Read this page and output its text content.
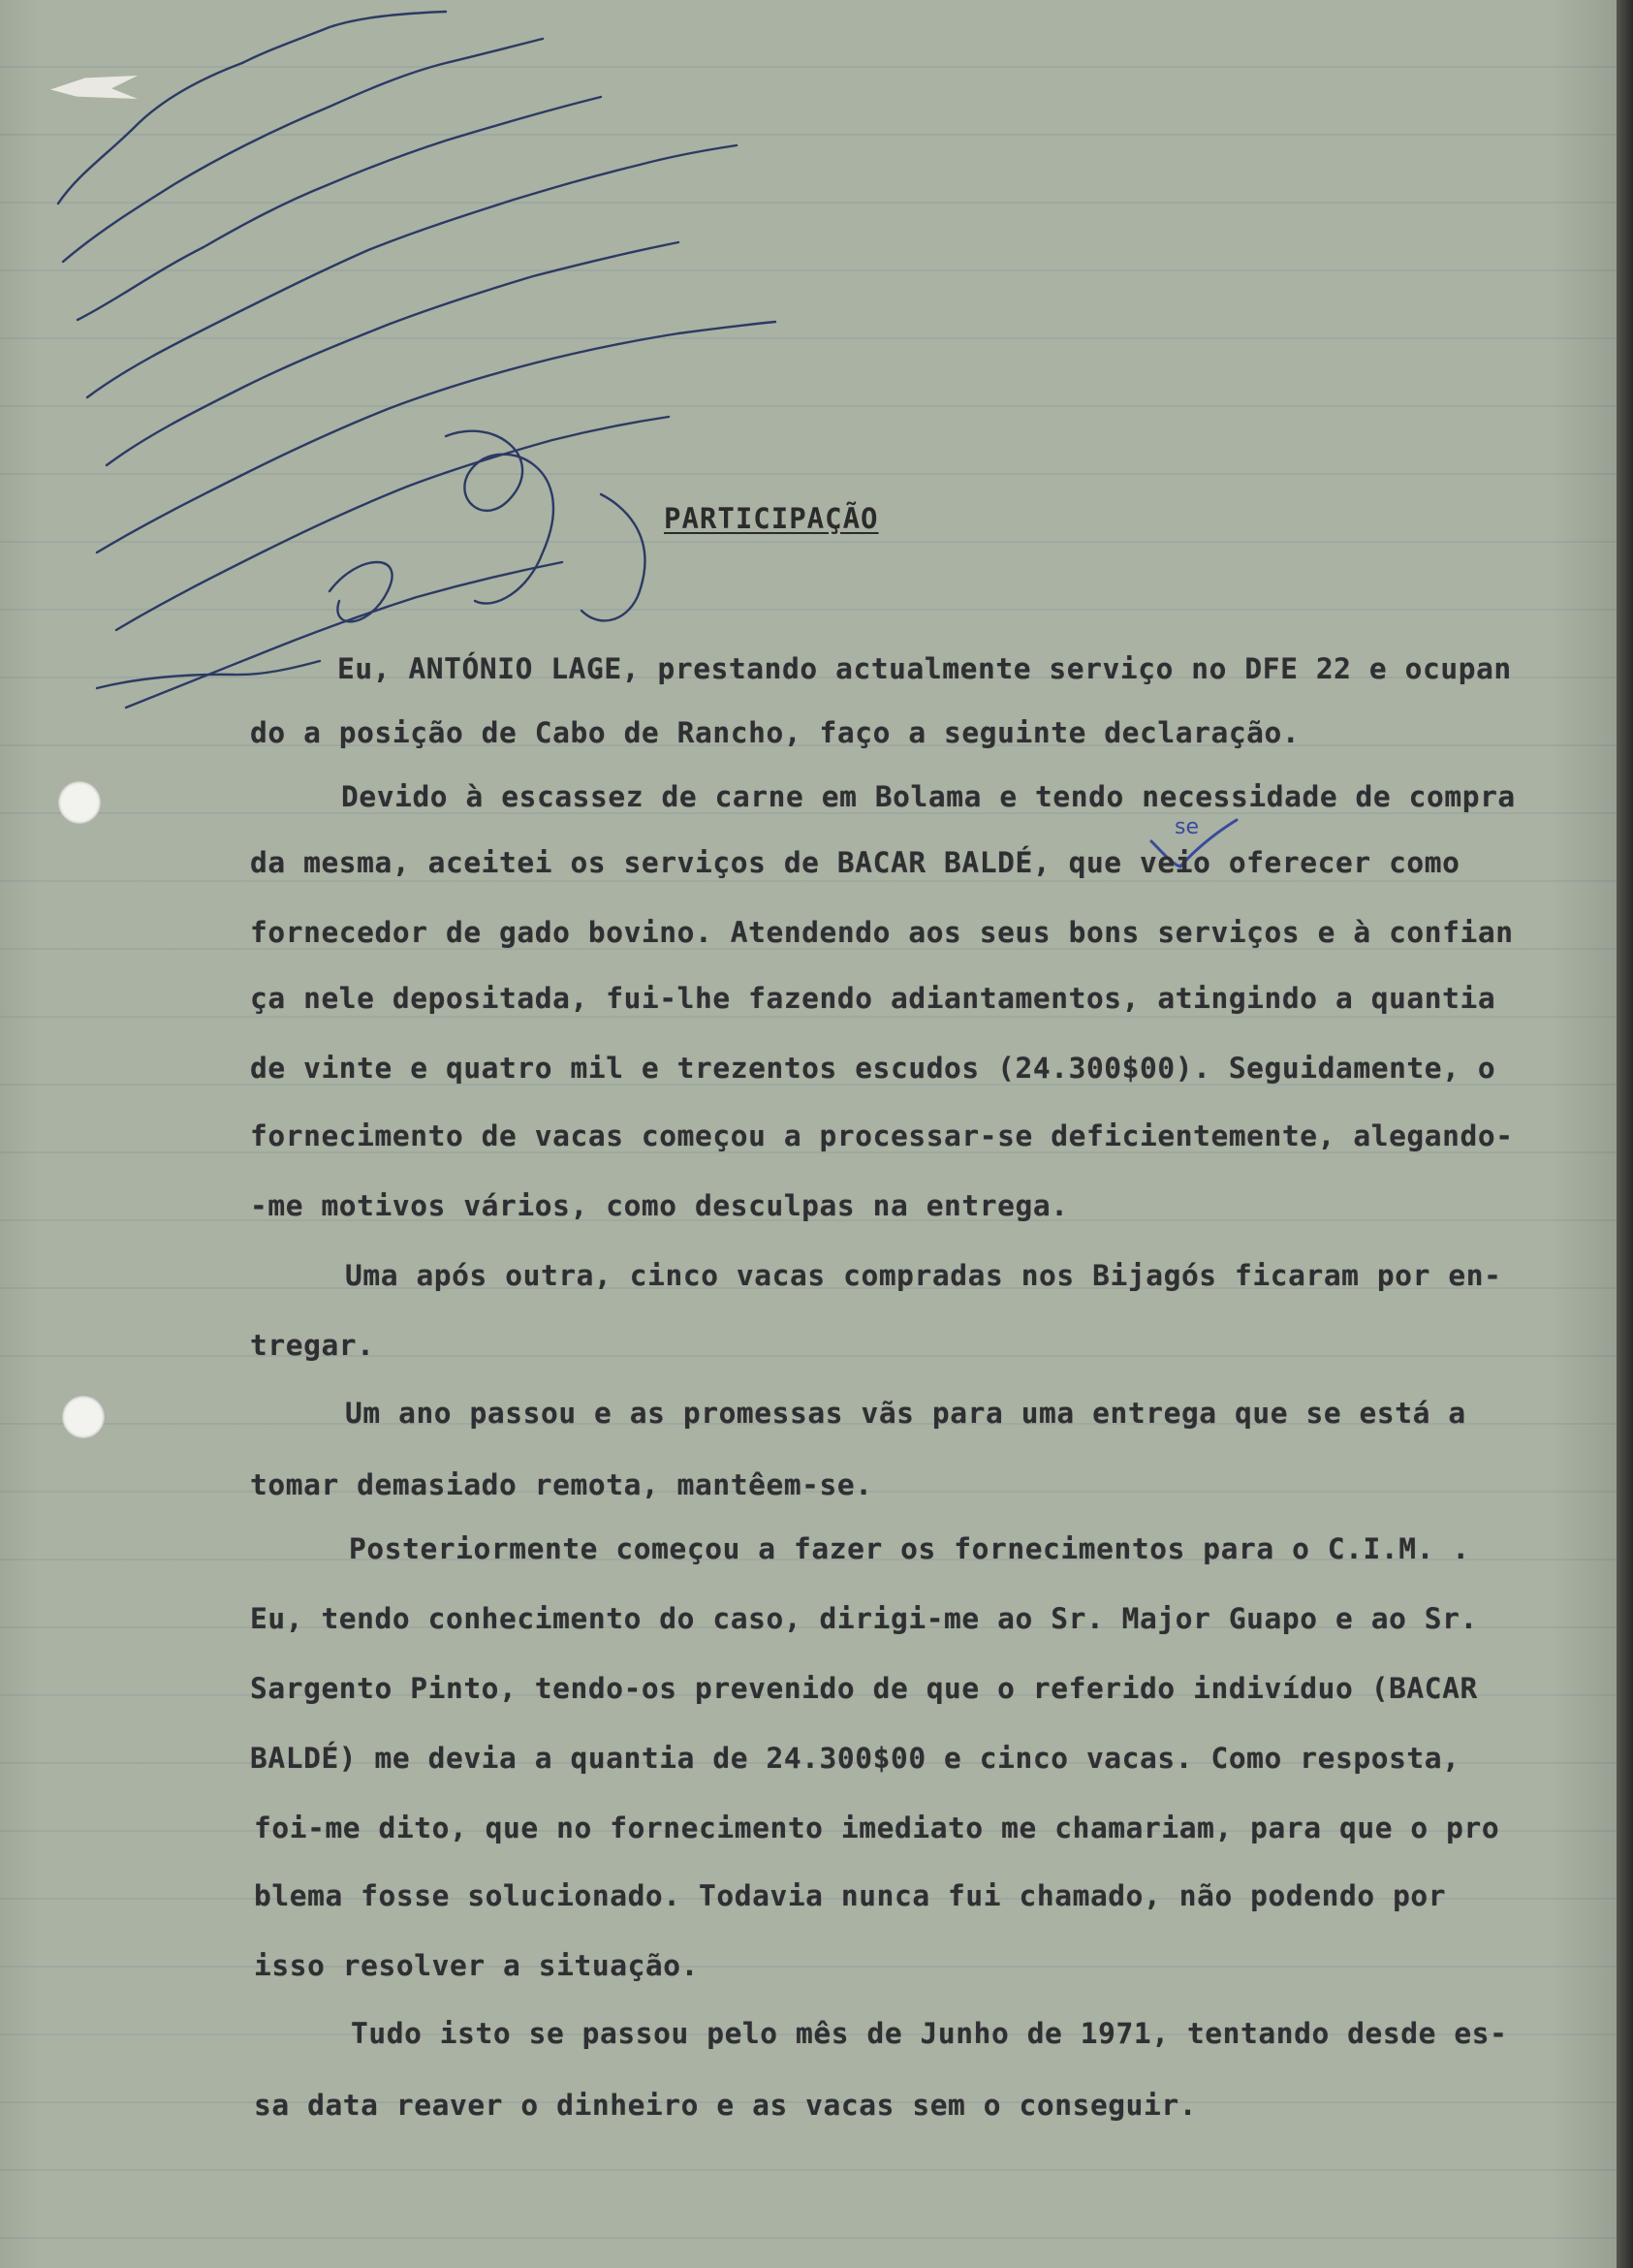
PARTICIPAÇÃO
se
Eu, ANTÓNIO LAGE, prestando actualmente serviço no DFE 22 e ocupan
do a posição de Cabo de Rancho, faço a seguinte declaração.
Devido à escassez de carne em Bolama e tendo necessidade de compra
da mesma, aceitei os serviços de BACAR BALDÉ, que veio oferecer como
fornecedor de gado bovino. Atendendo aos seus bons serviços e à confian
ça nele depositada, fui-lhe fazendo adiantamentos, atingindo a quantia
de vinte e quatro mil e trezentos escudos (24.300$00). Seguidamente, o
fornecimento de vacas começou a processar-se deficientemente, alegando-
-me motivos vários, como desculpas na entrega.
Uma após outra, cinco vacas compradas nos Bijagós ficaram por en-
tregar.
Um ano passou e as promessas vãs para uma entrega que se está a
tomar demasiado remota, mantêem-se.
Posteriormente começou a fazer os fornecimentos para o C.I.M. .
Eu, tendo conhecimento do caso, dirigi-me ao Sr. Major Guapo e ao Sr.
Sargento Pinto, tendo-os prevenido de que o referido indivíduo (BACAR
BALDÉ) me devia a quantia de 24.300$00 e cinco vacas. Como resposta,
foi-me dito, que no fornecimento imediato me chamariam, para que o pro
blema fosse solucionado. Todavia nunca fui chamado, não podendo por
isso resolver a situação.
Tudo isto se passou pelo mês de Junho de 1971, tentando desde es-
sa data reaver o dinheiro e as vacas sem o conseguir.
